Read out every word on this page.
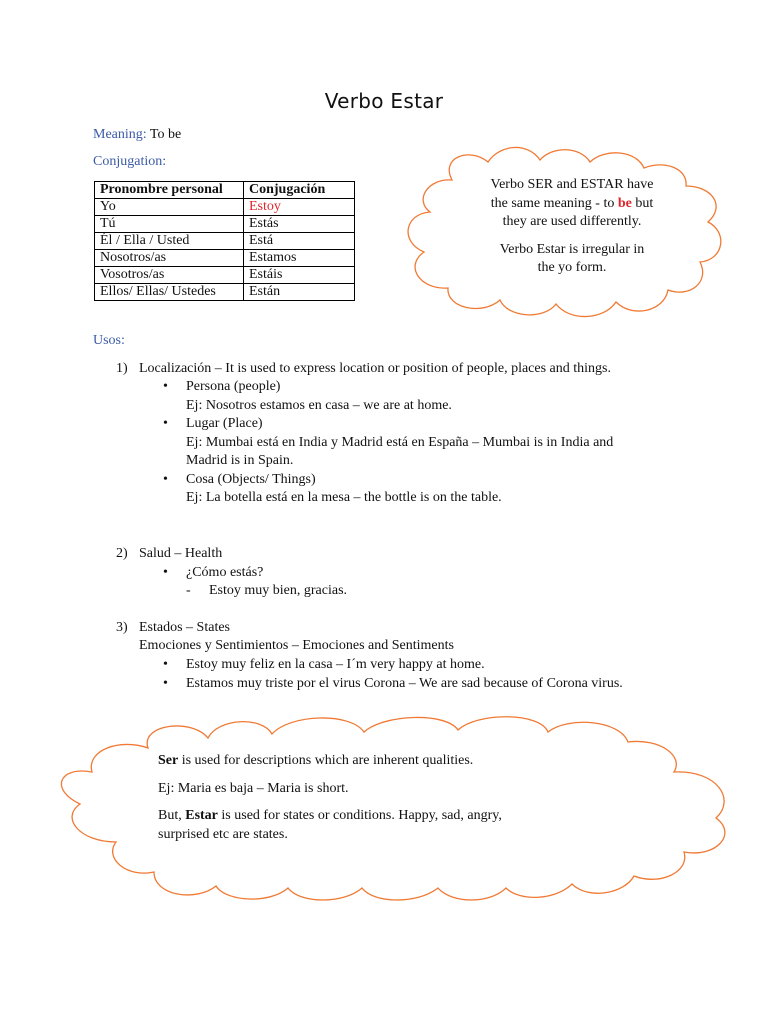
Verbo Estar
Meaning: To be
Conjugation:
Pronombre personal	Conjugación
Yo	Estoy
Tú	Estás
Él / Ella / Usted	Está
Nosotros/as	Estamos
Vosotros/as	Estáis
Ellos/ Ellas/ Ustedes	Están
Verbo SER and ESTAR have
the same meaning - to be but
they are used differently.
Verbo Estar is irregular in
the yo form.
Usos:
1) Localización – It is used to express location or position of people, places and things.
• Persona (people)
Ej: Nosotros estamos en casa – we are at home.
• Lugar (Place)
Ej: Mumbai está en India y Madrid está en España – Mumbai is in India and
Madrid is in Spain.
• Cosa (Objects/ Things)
Ej: La botella está en la mesa – the bottle is on the table.
2) Salud – Health
• ¿Cómo estás?
- Estoy muy bien, gracias.
3) Estados – States
Emociones y Sentimientos – Emociones and Sentiments
• Estoy muy feliz en la casa – I´m very happy at home.
• Estamos muy triste por el virus Corona – We are sad because of Corona virus.
Ser is used for descriptions which are inherent qualities.
Ej: Maria es baja – Maria is short.
But, Estar is used for states or conditions. Happy, sad, angry,
surprised etc are states.
